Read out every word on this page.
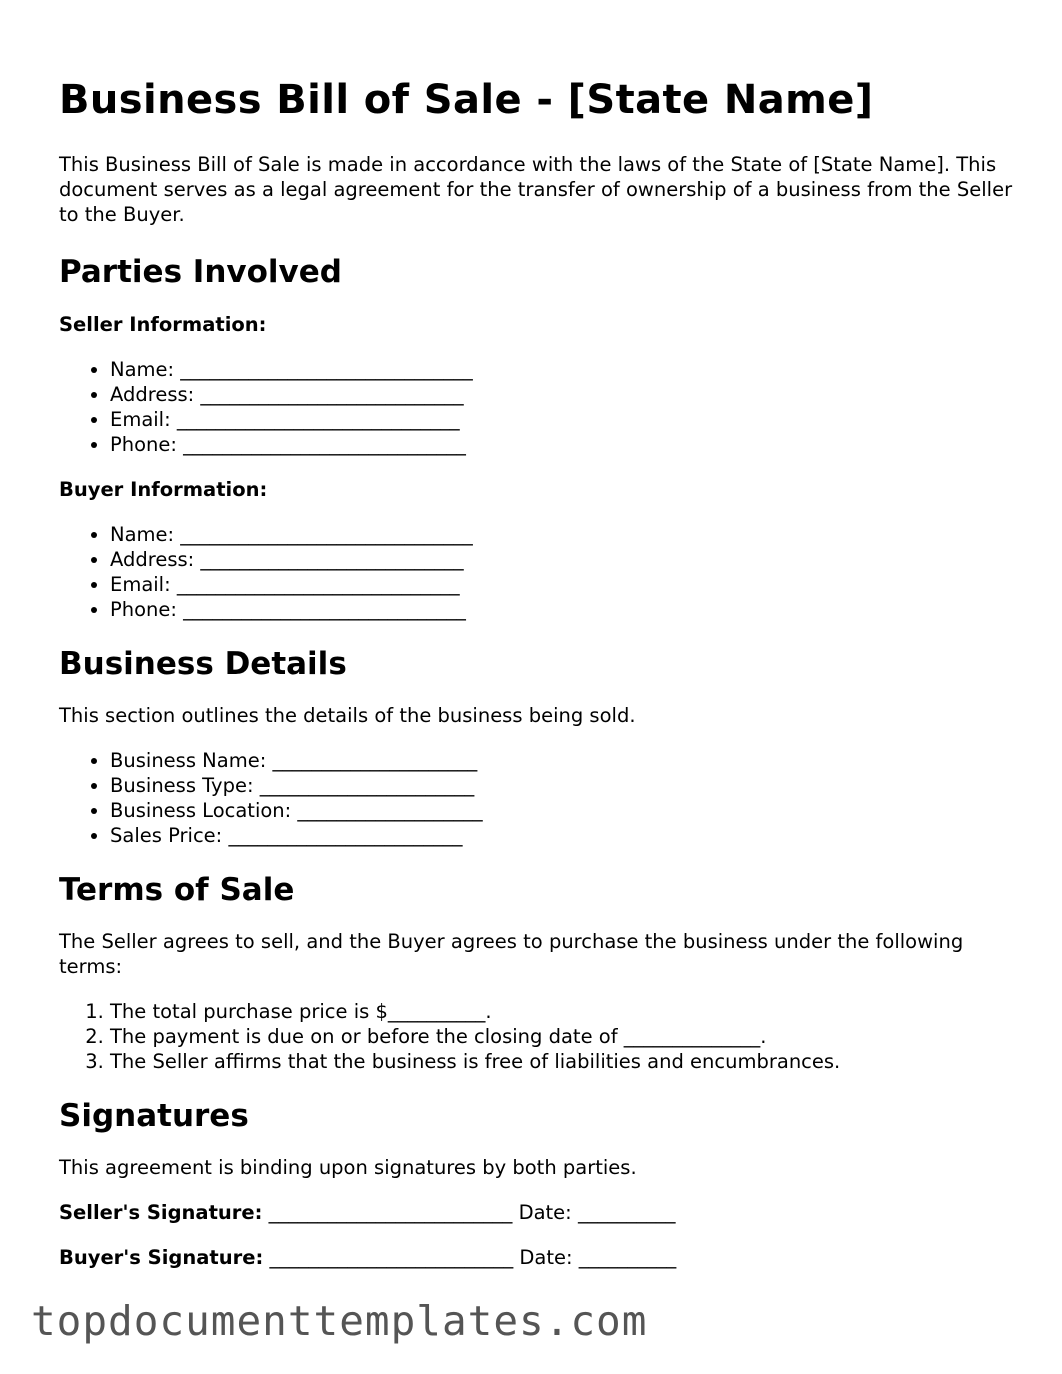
Business Bill of Sale - [State Name]

This Business Bill of Sale is made in accordance with the laws of the State of [State Name]. This document serves as a legal agreement for the transfer of ownership of a business from the Seller to the Buyer.

Parties Involved

Seller Information:

• Name: ______________________________
• Address: ___________________________
• Email: _____________________________
• Phone: _____________________________

Buyer Information:

• Name: ______________________________
• Address: ___________________________
• Email: _____________________________
• Phone: _____________________________
Business Details

This section outlines the details of the business being sold.

• Business Name: _____________________
• Business Type: ______________________
• Business Location: ___________________
• Sales Price: ________________________
Terms of Sale

The Seller agrees to sell, and the Buyer agrees to purchase the business under the following terms:

1. The total purchase price is $__________.
2. The payment is due on or before the closing date of ______________.
3. The Seller affirms that the business is free of liabilities and encumbrances.
Signatures

This agreement is binding upon signatures by both parties.

Seller's Signature: _________________________ Date: __________

Buyer's Signature: _________________________ Date: __________

topdocumenttemplates.com
